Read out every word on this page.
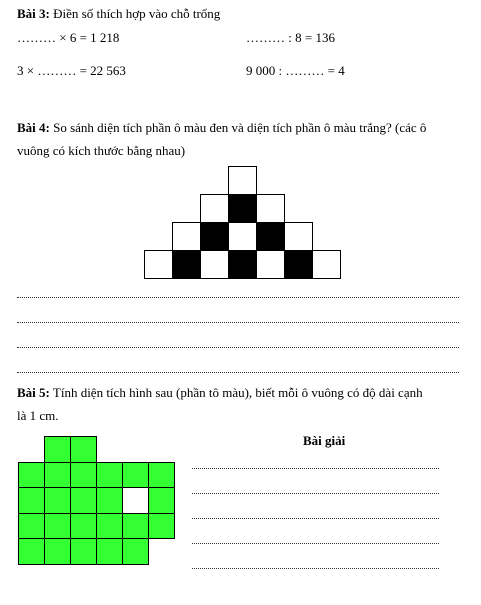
Bài 3: Điền số thích hợp vào chỗ trống
……… × 6 = 1 218	……… : 8 = 136
3 × ……… = 22 563	9 000 : ……… = 4
Bài 4: So sánh diện tích phần ô màu đen và diện tích phần ô màu trắng? (các ô
vuông có kích thước bằng nhau)
Bài 5: Tính diện tích hình sau (phần tô màu), biết mỗi ô vuông có độ dài cạnh
là 1 cm.
Bài giải
